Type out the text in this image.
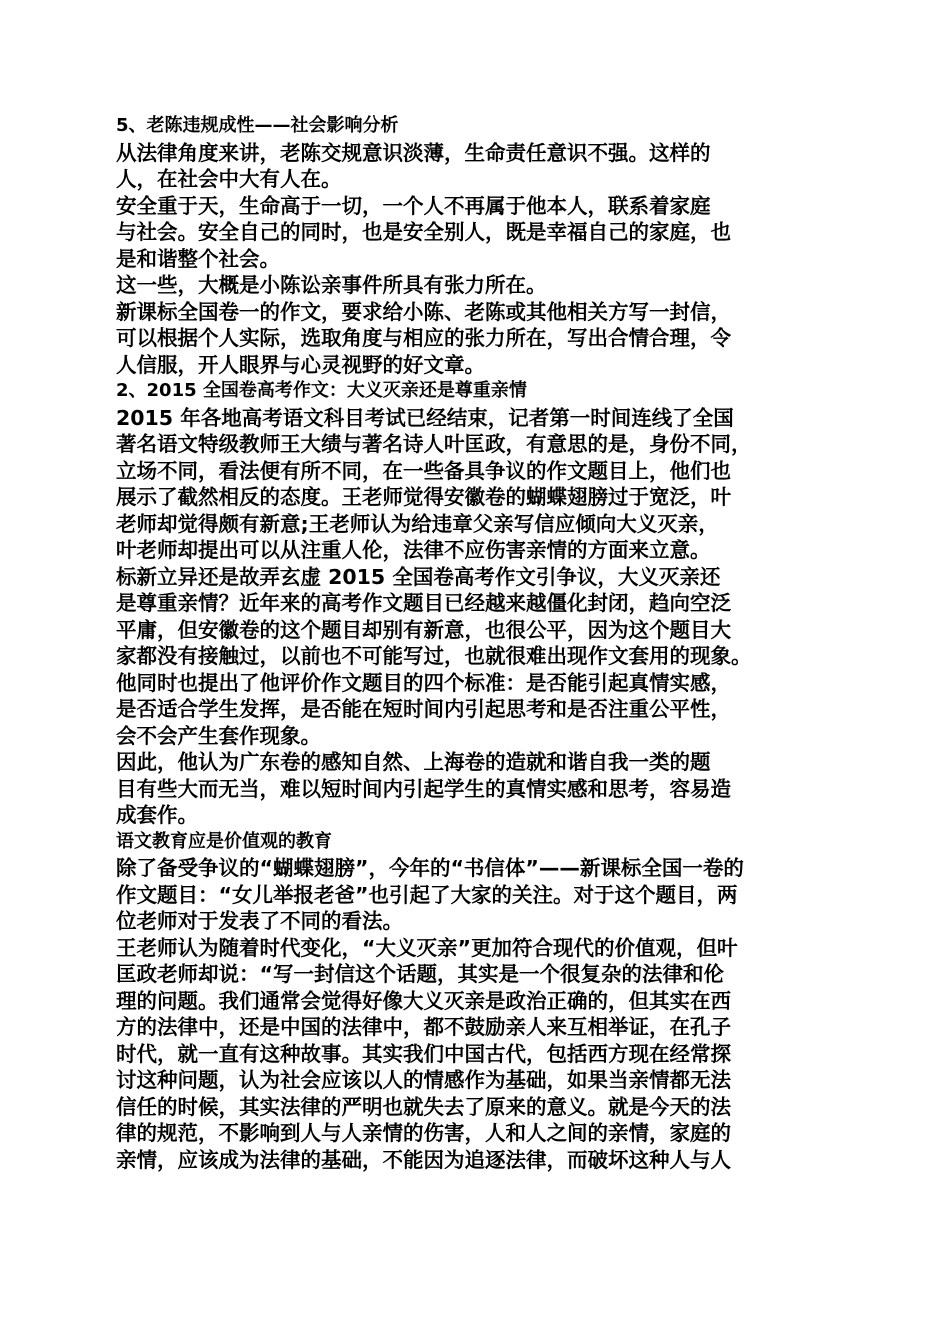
5、老陈违规成性——社会影响分析
从法律角度来讲，老陈交规意识淡薄，生命责任意识不强。这样的
人，在社会中大有人在。
安全重于天，生命高于一切，一个人不再属于他本人，联系着家庭
与社会。安全自己的同时，也是安全别人，既是幸福自己的家庭，也
是和谐整个社会。
这一些，大概是小陈讼亲事件所具有张力所在。
新课标全国卷一的作文，要求给小陈、老陈或其他相关方写一封信，
可以根据个人实际，选取角度与相应的张力所在，写出合情合理，令
人信服，开人眼界与心灵视野的好文章。
2、2015 全国卷高考作文：大义灭亲还是尊重亲情
2015 年各地高考语文科目考试已经结束，记者第一时间连线了全国
著名语文特级教师王大绩与著名诗人叶匡政，有意思的是，身份不同，
立场不同，看法便有所不同，在一些备具争议的作文题目上，他们也
展示了截然相反的态度。王老师觉得安徽卷的蝴蝶翅膀过于宽泛，叶
老师却觉得颇有新意;王老师认为给违章父亲写信应倾向大义灭亲，
叶老师却提出可以从注重人伦，法律不应伤害亲情的方面来立意。
标新立异还是故弄玄虚 2015 全国卷高考作文引争议，大义灭亲还
是尊重亲情？近年来的高考作文题目已经越来越僵化封闭，趋向空泛
平庸，但安徽卷的这个题目却别有新意，也很公平，因为这个题目大
家都没有接触过，以前也不可能写过，也就很难出现作文套用的现象。
他同时也提出了他评价作文题目的四个标准：是否能引起真情实感，
是否适合学生发挥，是否能在短时间内引起思考和是否注重公平性，
会不会产生套作现象。
因此，他认为广东卷的感知自然、上海卷的造就和谐自我一类的题
目有些大而无当，难以短时间内引起学生的真情实感和思考，容易造
成套作。
语文教育应是价值观的教育
除了备受争议的“蝴蝶翅膀”，今年的“书信体”——新课标全国一卷的
作文题目：“女儿举报老爸”也引起了大家的关注。对于这个题目，两
位老师对于发表了不同的看法。
王老师认为随着时代变化，“大义灭亲”更加符合现代的价值观，但叶
匡政老师却说：“写一封信这个话题，其实是一个很复杂的法律和伦
理的问题。我们通常会觉得好像大义灭亲是政治正确的，但其实在西
方的法律中，还是中国的法律中，都不鼓励亲人来互相举证，在孔子
时代，就一直有这种故事。其实我们中国古代，包括西方现在经常探
讨这种问题，认为社会应该以人的情感作为基础，如果当亲情都无法
信任的时候，其实法律的严明也就失去了原来的意义。就是今天的法
律的规范，不影响到人与人亲情的伤害，人和人之间的亲情，家庭的
亲情，应该成为法律的基础，不能因为追逐法律，而破坏这种人与人
